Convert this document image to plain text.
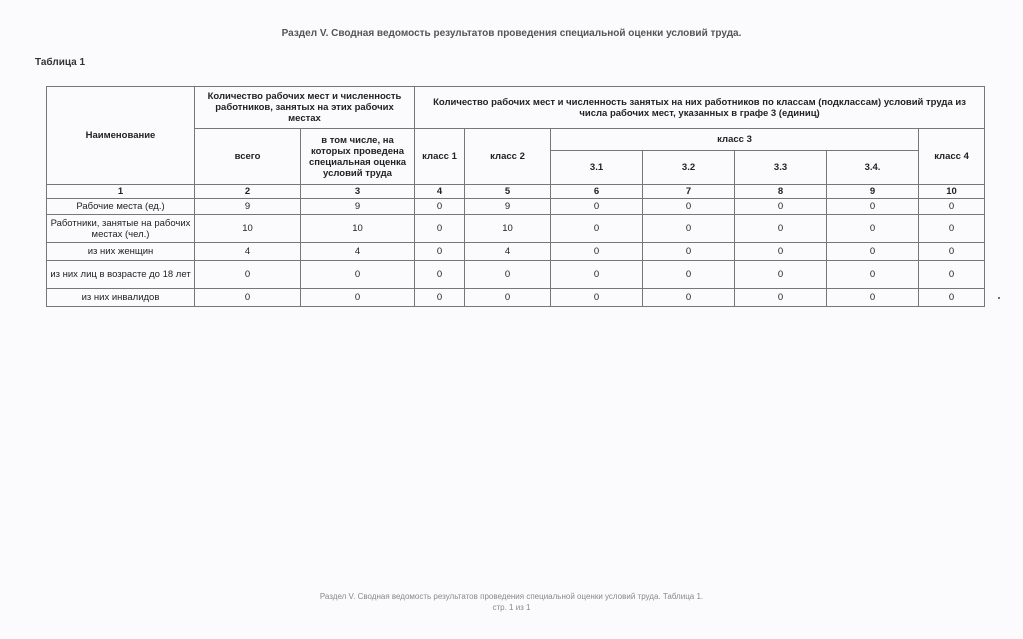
Раздел V. Сводная ведомость результатов проведения специальной оценки условий труда.
Таблица 1
Наименование	Количество рабочих мест и численность работников, занятых на этих рабочих местах		Количество рабочих мест и численность занятых на них работников по классам (подклассам) условий труда из числа рабочих мест, указанных в графе 3 (единиц)						
	всего	в том числе, на которых проведена специальная оценка условий труда	класс 1	класс 2	класс 3				класс 4
					3.1	3.2	3.3	3.4.	
1	2	3	4	5	6	7	8	9	10
Рабочие места (ед.)	9	9	0	9	0	0	0	0	0
Работники, занятые на рабочих местах (чел.)	10	10	0	10	0	0	0	0	0
из них женщин	4	4	0	4	0	0	0	0	0
из них лиц в возрасте до 18 лет	0	0	0	0	0	0	0	0	0
из них инвалидов	0	0	0	0	0	0	0	0	0
Раздел V. Сводная ведомость результатов проведения специальной оценки условий труда. Таблица 1.
стр. 1 из 1
